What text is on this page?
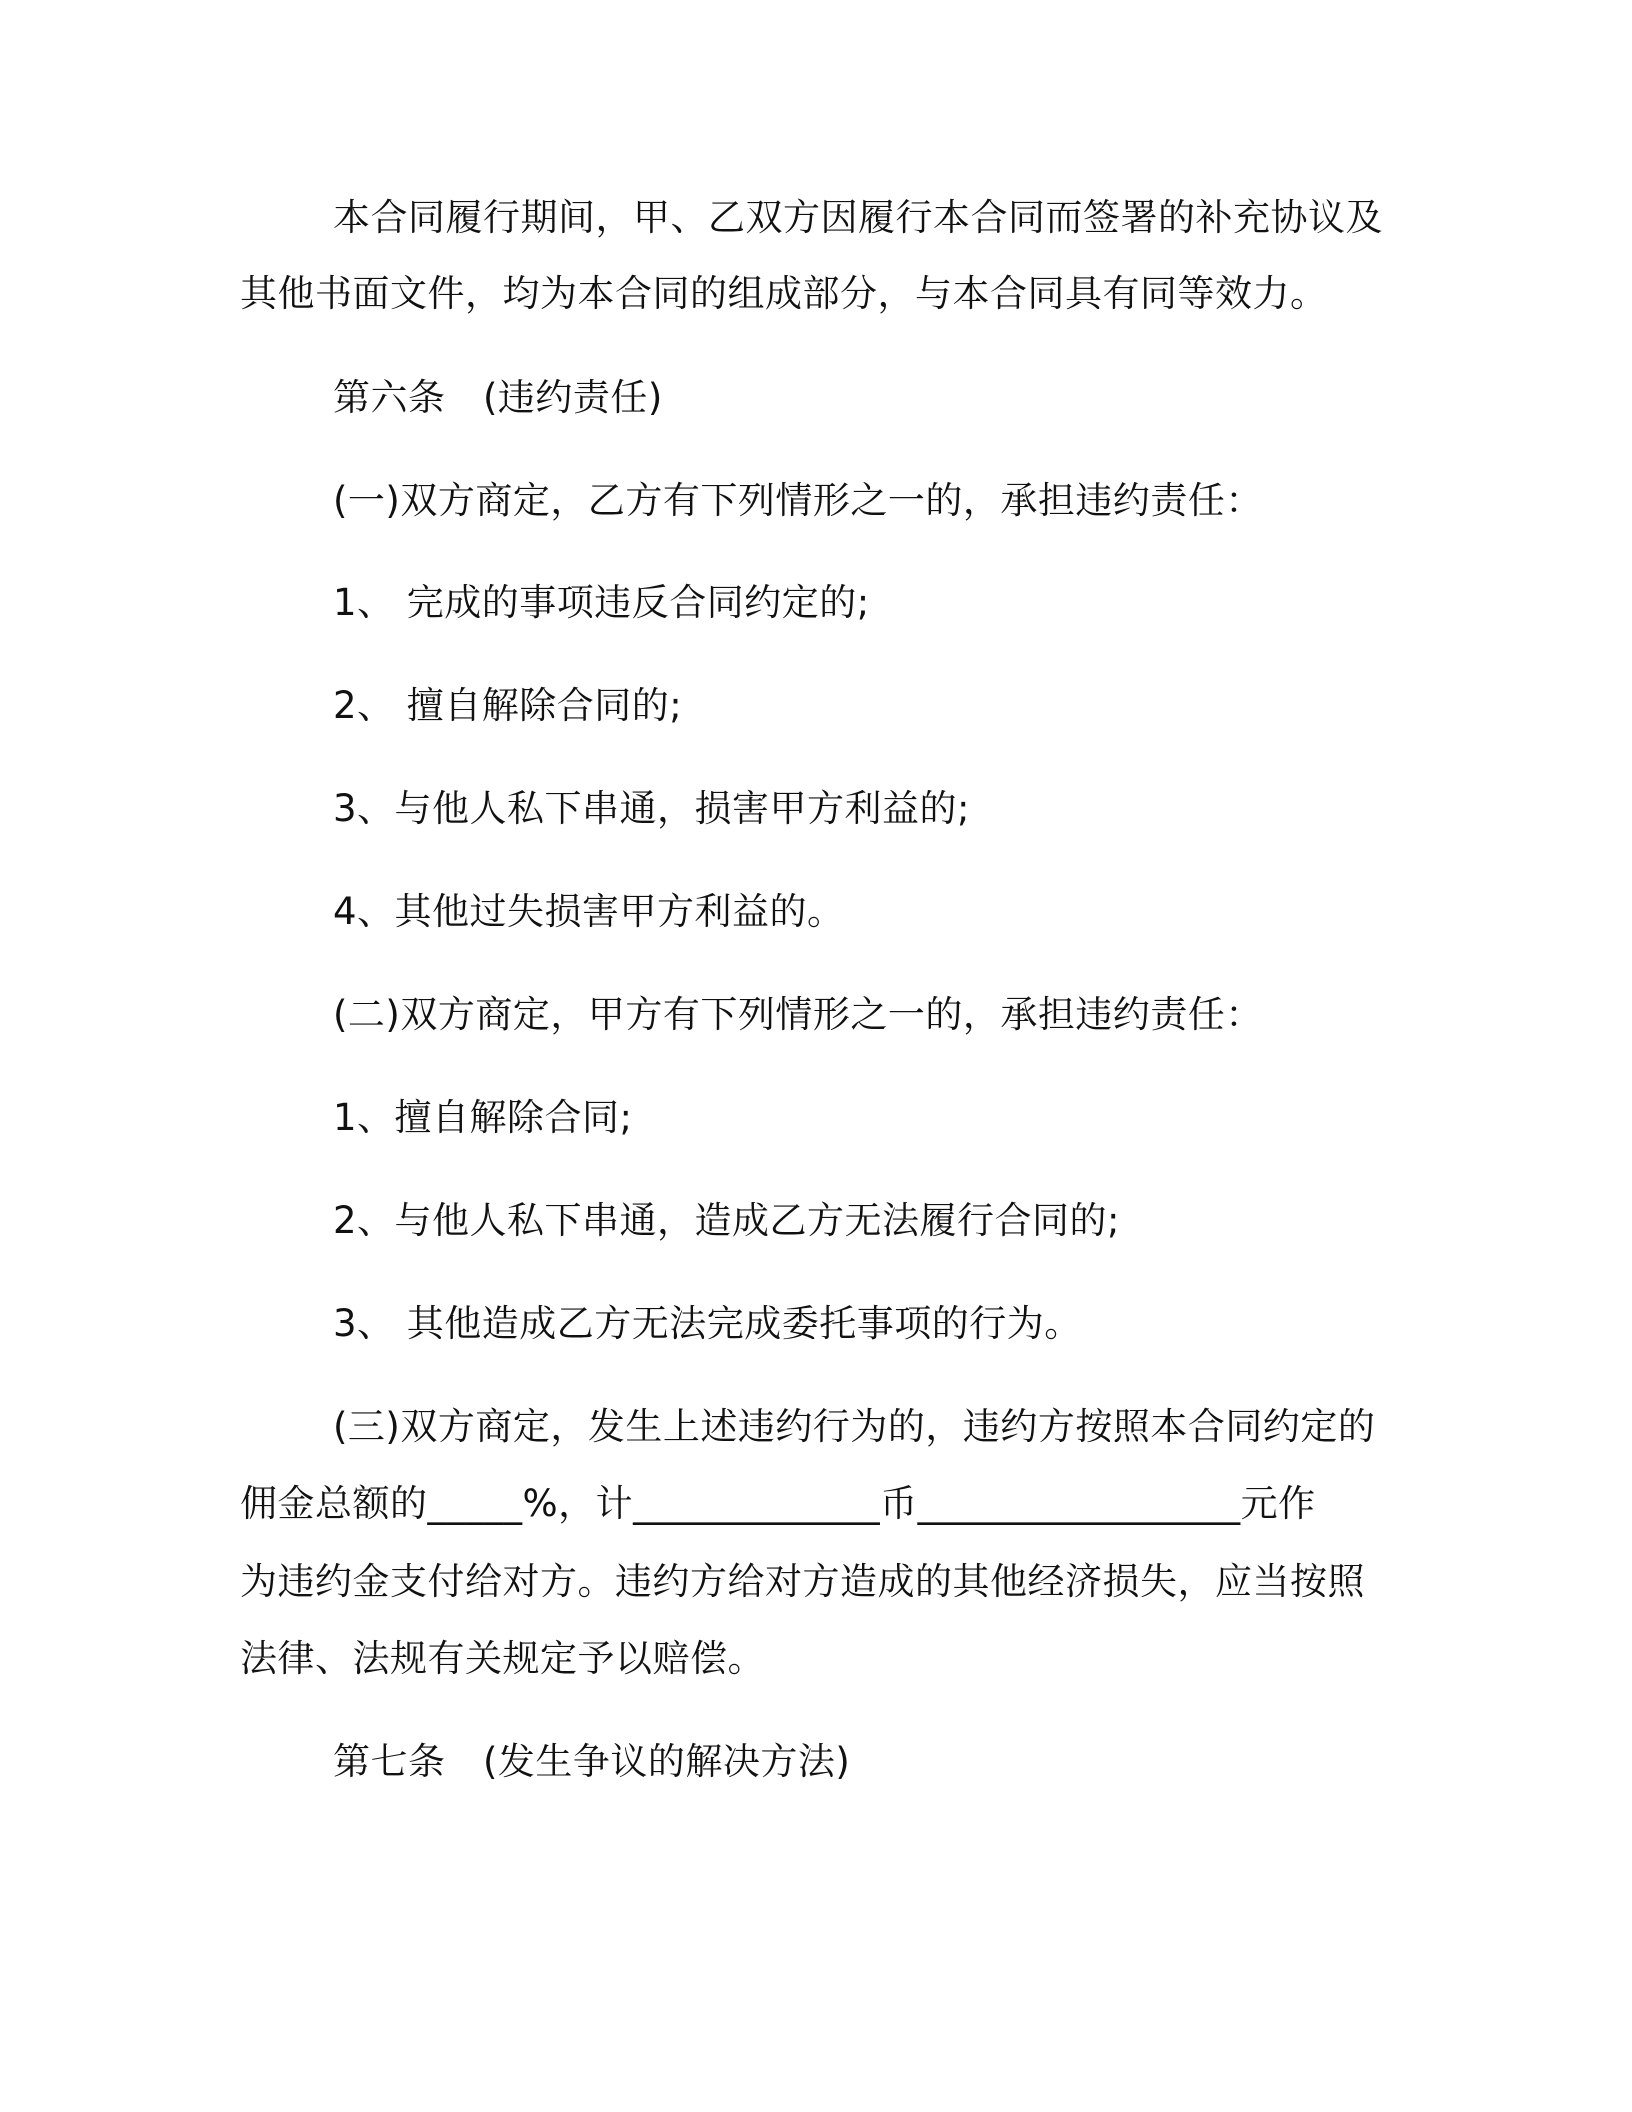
本合同履行期间，甲、乙双方因履行本合同而签署的补充协议及
其他书面文件，均为本合同的组成部分，与本合同具有同等效力。
第六条　(违约责任)
(一)双方商定，乙方有下列情形之一的，承担违约责任：
1、 完成的事项违反合同约定的;
2、 擅自解除合同的;
3、与他人私下串通，损害甲方利益的;
4、其他过失损害甲方利益的。
(二)双方商定，甲方有下列情形之一的，承担违约责任：
1、擅自解除合同;
2、与他人私下串通，造成乙方无法履行合同的;
3、 其他造成乙方无法完成委托事项的行为。
(三)双方商定，发生上述违约行为的，违约方按照本合同约定的
佣金总额的_____%，计_____________币_________________元作
为违约金支付给对方。违约方给对方造成的其他经济损失，应当按照
法律、法规有关规定予以赔偿。
第七条　(发生争议的解决方法)
